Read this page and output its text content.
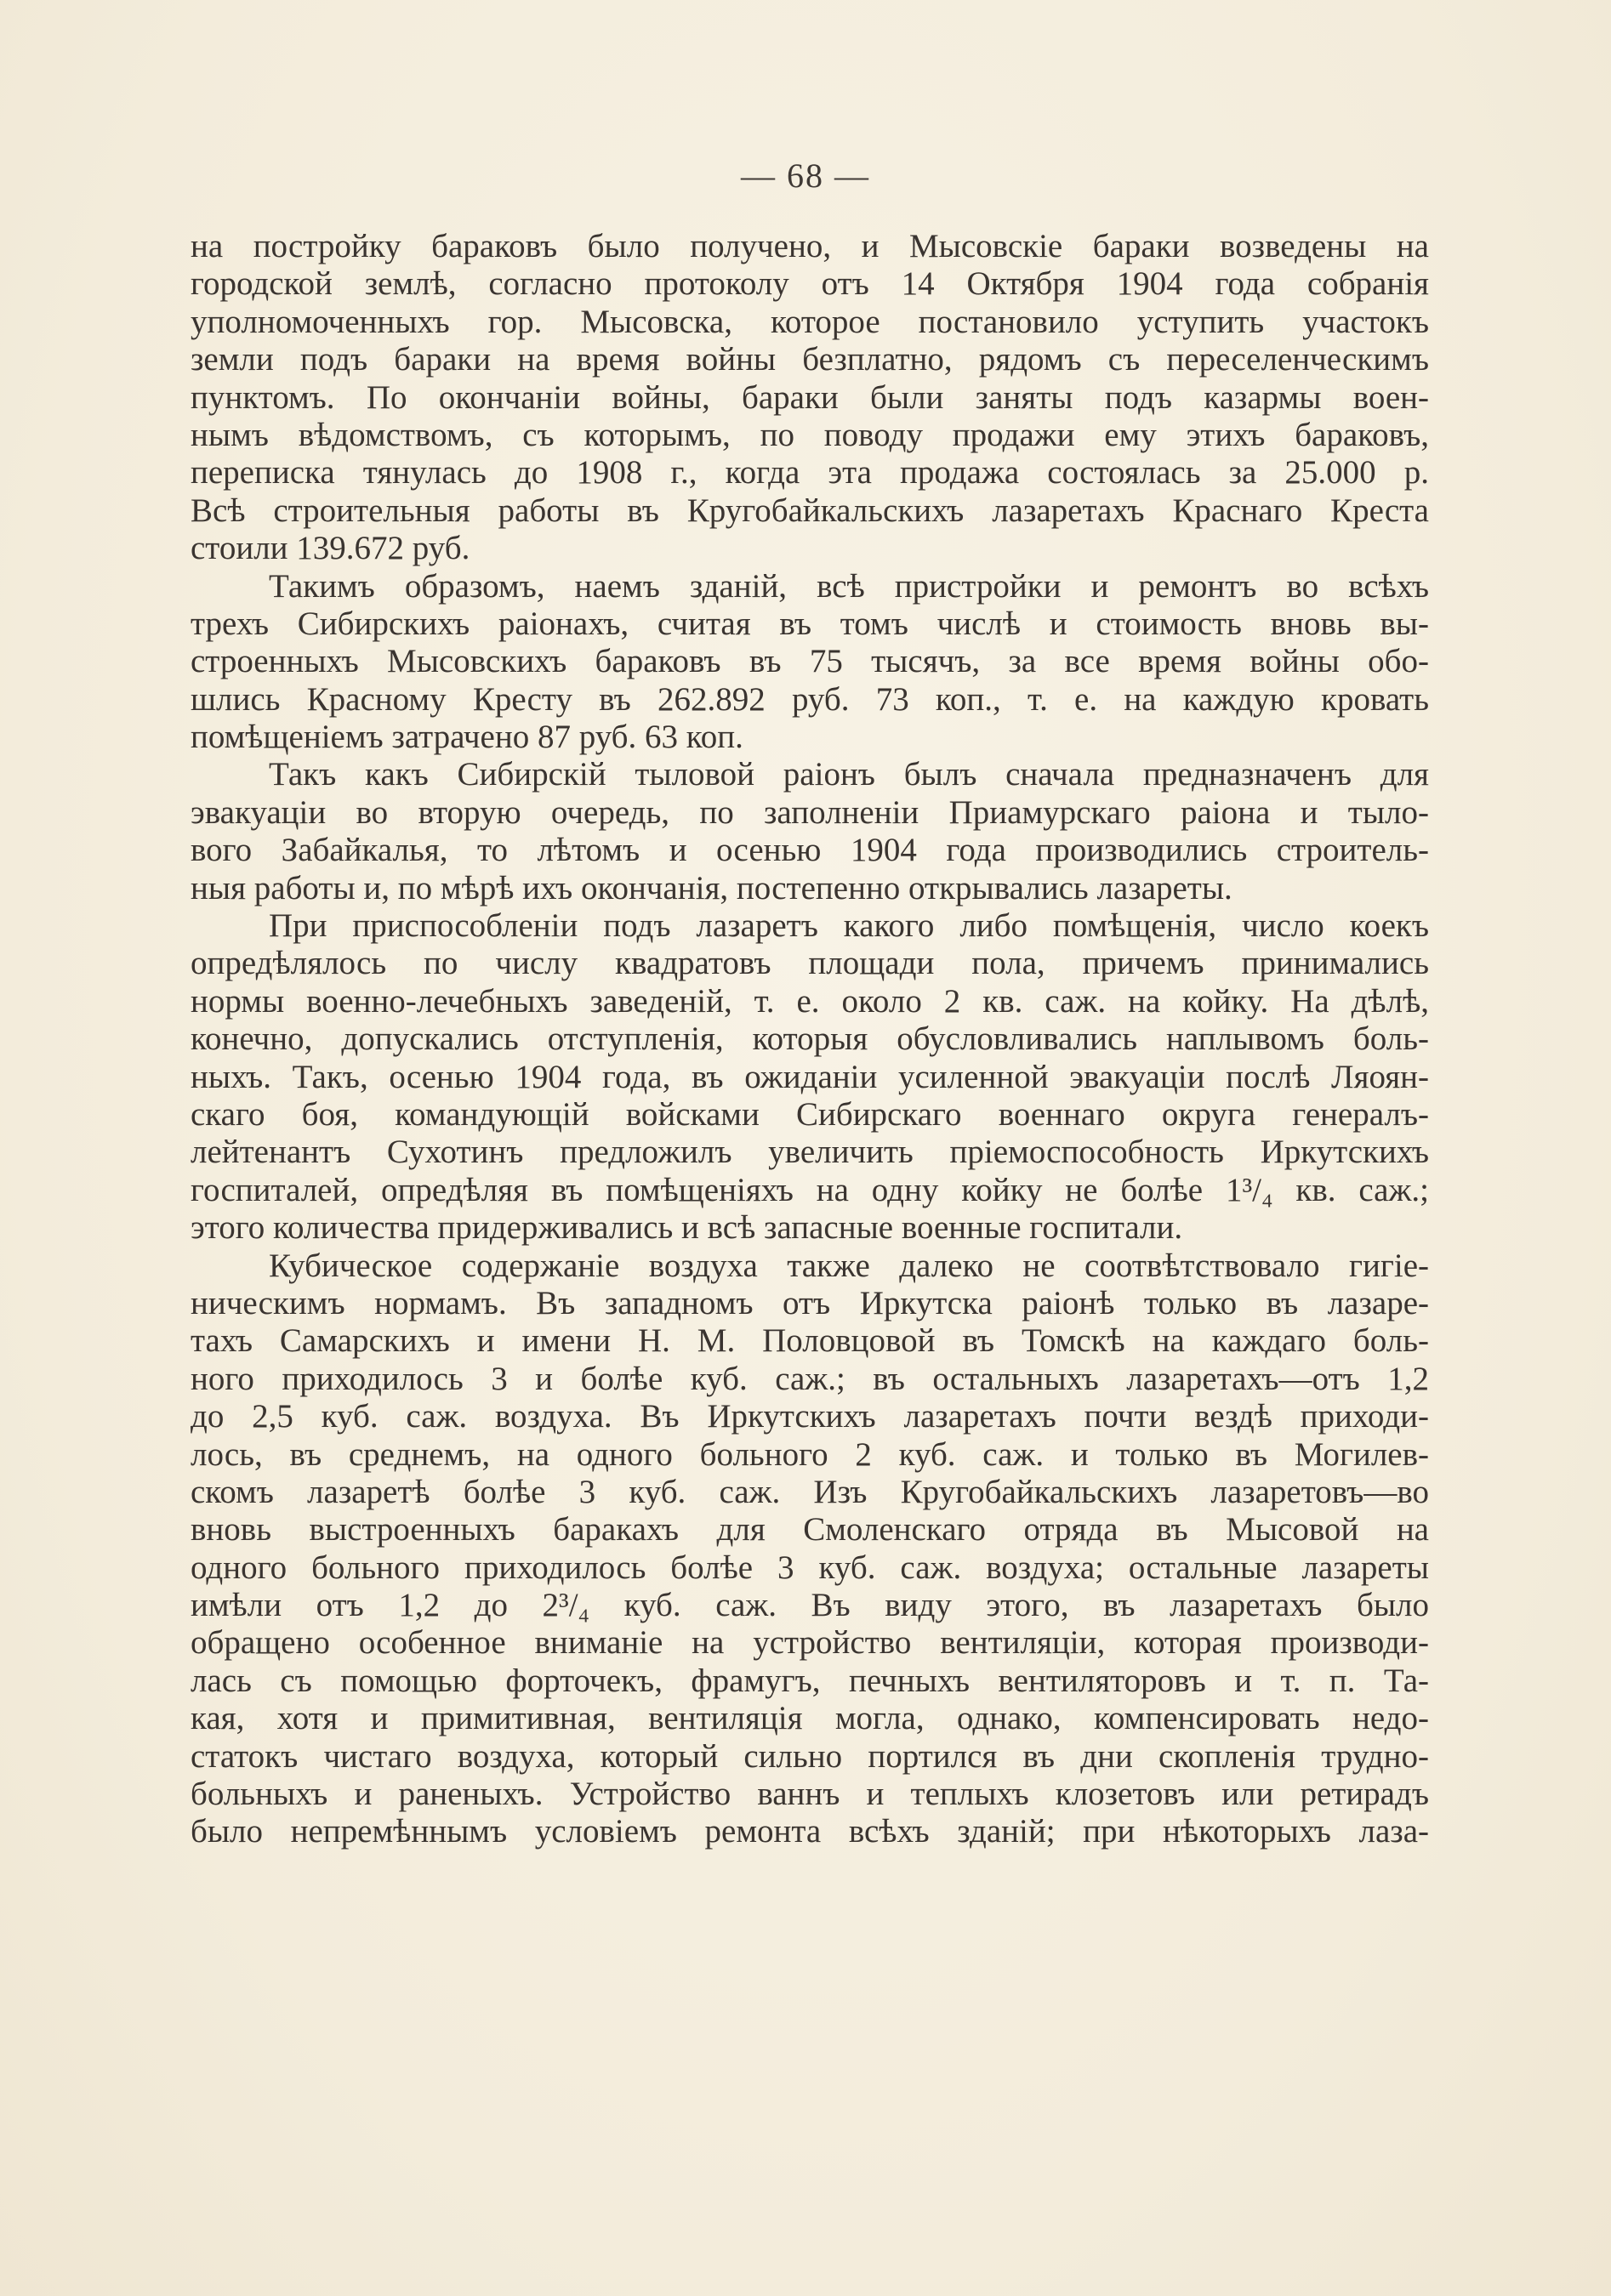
— 68 —
на постройку бараковъ было получено, и Мысовскіе бараки возведены на
городской землѣ, согласно протоколу отъ 14 Октября 1904 года собранія
уполномоченныхъ гор. Мысовска, которое постановило уступить участокъ
земли подъ бараки на время войны безплатно, рядомъ съ переселенческимъ
пунктомъ. По окончаніи войны, бараки были заняты подъ казармы воен-
нымъ вѣдомствомъ, съ которымъ, по поводу продажи ему этихъ бараковъ,
переписка тянулась до 1908 г., когда эта продажа состоялась за 25.000 р.
Всѣ строительныя работы въ Кругобайкальскихъ лазаретахъ Краснаго Креста
стоили 139.672 руб.
Такимъ образомъ, наемъ зданій, всѣ пристройки и ремонтъ во всѣхъ
трехъ Сибирскихъ раіонахъ, считая въ томъ числѣ и стоимость вновь вы-
строенныхъ Мысовскихъ бараковъ въ 75 тысячъ, за все время войны обо-
шлись Красному Кресту въ 262.892 руб. 73 коп., т. е. на каждую кровать
помѣщеніемъ затрачено 87 руб. 63 коп.
Такъ какъ Сибирскій тыловой раіонъ былъ сначала предназначенъ для
эвакуаціи во вторую очередь, по заполненіи Приамурскаго раіона и тыло-
вого Забайкалья, то лѣтомъ и осенью 1904 года производились строитель-
ныя работы и, по мѣрѣ ихъ окончанія, постепенно открывались лазареты.
При приспособленіи подъ лазаретъ какого либо помѣщенія, число коекъ
опредѣлялось по числу квадратовъ площади пола, причемъ принимались
нормы военно-лечебныхъ заведеній, т. е. около 2 кв. саж. на койку. На дѣлѣ,
конечно, допускались отступленія, которыя обусловливались наплывомъ боль-
ныхъ. Такъ, осенью 1904 года, въ ожиданіи усиленной эвакуаціи послѣ Ляоян-
скаго боя, командующій войсками Сибирскаго военнаго округа генералъ-
лейтенантъ Сухотинъ предложилъ увеличить пріемоспособность Иркутскихъ
госпиталей, опредѣляя въ помѣщеніяхъ на одну койку не болѣе 1³/₄ кв. саж.;
этого количества придерживались и всѣ запасные военные госпитали.
Кубическое содержаніе воздуха также далеко не соотвѣтствовало гигіе-
ническимъ нормамъ. Въ западномъ отъ Иркутска раіонѣ только въ лазаре-
тахъ Самарскихъ и имени Н. М. Половцовой въ Томскѣ на каждаго боль-
ного приходилось 3 и болѣе куб. саж.; въ остальныхъ лазаретахъ—отъ 1,2
до 2,5 куб. саж. воздуха. Въ Иркутскихъ лазаретахъ почти вездѣ приходи-
лось, въ среднемъ, на одного больного 2 куб. саж. и только въ Могилев-
скомъ лазаретѣ болѣе 3 куб. саж. Изъ Кругобайкальскихъ лазаретовъ—во
вновь выстроенныхъ баракахъ для Смоленскаго отряда въ Мысовой на
одного больного приходилось болѣе 3 куб. саж. воздуха; остальные лазареты
имѣли отъ 1,2 до 2³/₄ куб. саж. Въ виду этого, въ лазаретахъ было
обращено особенное вниманіе на устройство вентиляціи, которая производи-
лась съ помощью форточекъ, фрамугъ, печныхъ вентиляторовъ и т. п. Та-
кая, хотя и примитивная, вентиляція могла, однако, компенсировать недо-
статокъ чистаго воздуха, который сильно портился въ дни скопленія трудно-
больныхъ и раненыхъ. Устройство ваннъ и теплыхъ клозетовъ или ретирадъ
было непремѣннымъ условіемъ ремонта всѣхъ зданій; при нѣкоторыхъ лаза-
